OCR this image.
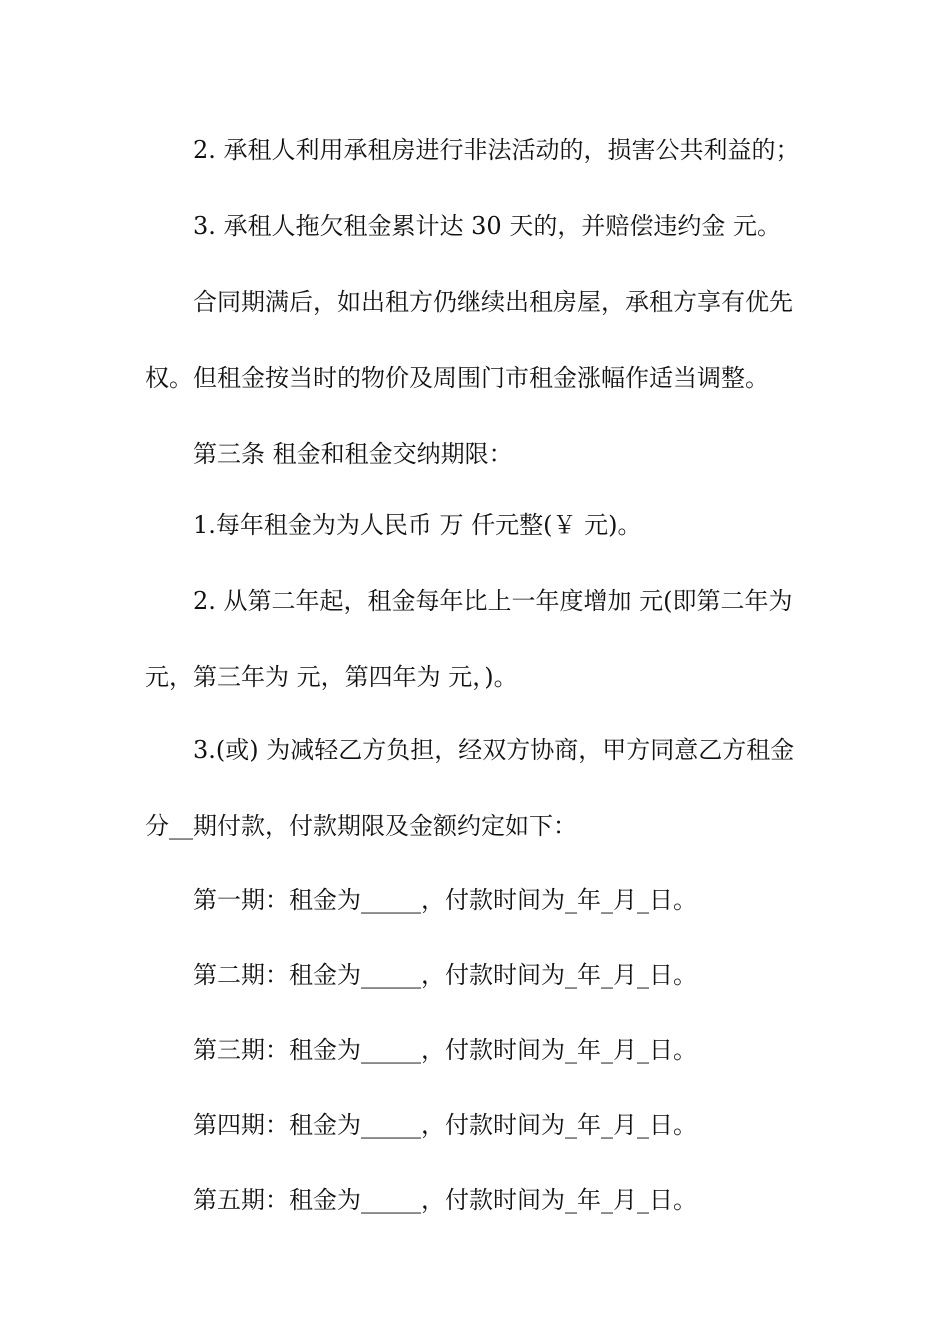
2. 承租人利用承租房进行非法活动的，损害公共利益的；
3. 承租人拖欠租金累计达 30 天的，并赔偿违约金 元。
合同期满后，如出租方仍继续出租房屋，承租方享有优先
权。但租金按当时的物价及周围门市租金涨幅作适当调整。
第三条 租金和租金交纳期限：
1.每年租金为为人民币 万 仟元整(￥ 元)。
2. 从第二年起，租金每年比上一年度增加 元(即第二年为
元，第三年为 元，第四年为 元，)。
3.(或) 为减轻乙方负担，经双方协商，甲方同意乙方租金
分__期付款，付款期限及金额约定如下：
第一期：租金为_____，付款时间为_年_月_日。
第二期：租金为_____，付款时间为_年_月_日。
第三期：租金为_____，付款时间为_年_月_日。
第四期：租金为_____，付款时间为_年_月_日。
第五期：租金为_____，付款时间为_年_月_日。
